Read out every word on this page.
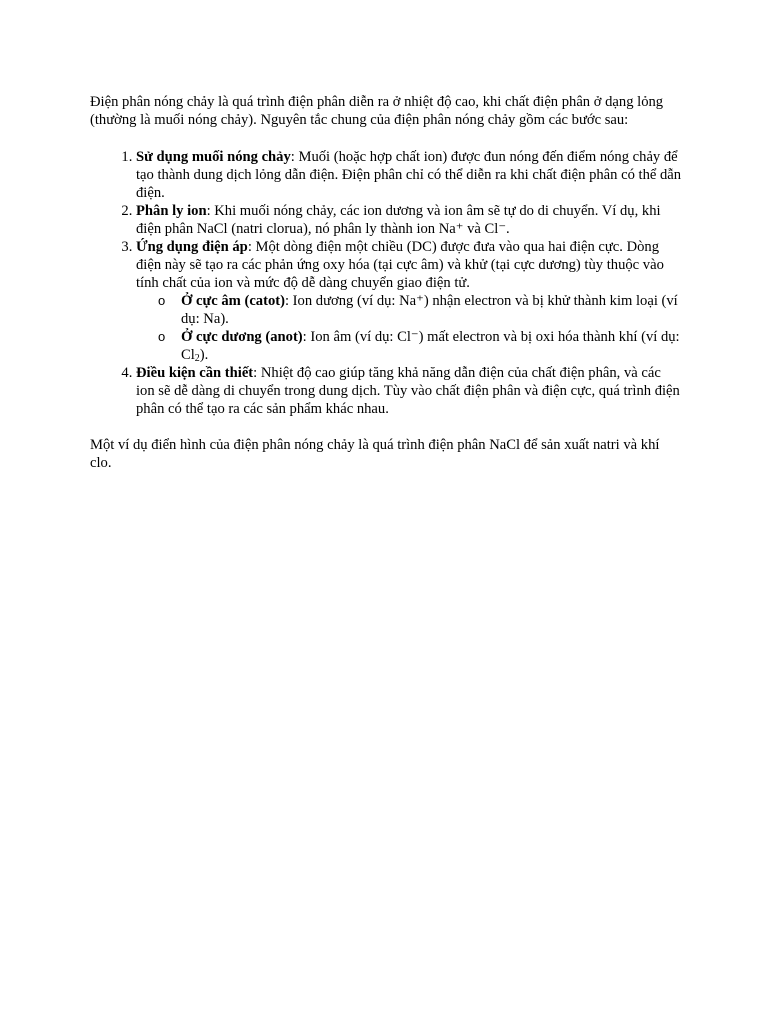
Điện phân nóng chảy là quá trình điện phân diễn ra ở nhiệt độ cao, khi chất điện phân ở dạng lỏng (thường là muối nóng chảy). Nguyên tắc chung của điện phân nóng chảy gồm các bước sau:

1. Sử dụng muối nóng chảy: Muối (hoặc hợp chất ion) được đun nóng đến điểm nóng chảy để tạo thành dung dịch lỏng dẫn điện. Điện phân chỉ có thể diễn ra khi chất điện phân có thể dẫn điện.
2. Phân ly ion: Khi muối nóng chảy, các ion dương và ion âm sẽ tự do di chuyển. Ví dụ, khi điện phân NaCl (natri clorua), nó phân ly thành ion Na⁺ và Cl⁻.
3. Ứng dụng điện áp: Một dòng điện một chiều (DC) được đưa vào qua hai điện cực. Dòng điện này sẽ tạo ra các phản ứng oxy hóa (tại cực âm) và khử (tại cực dương) tùy thuộc vào tính chất của ion và mức độ dễ dàng chuyển giao điện tử.
o Ở cực âm (catot): Ion dương (ví dụ: Na⁺) nhận electron và bị khử thành kim loại (ví dụ: Na).
o Ở cực dương (anot): Ion âm (ví dụ: Cl⁻) mất electron và bị oxi hóa thành khí (ví dụ: Cl2).
4. Điều kiện cần thiết: Nhiệt độ cao giúp tăng khả năng dẫn điện của chất điện phân, và các ion sẽ dễ dàng di chuyển trong dung dịch. Tùy vào chất điện phân và điện cực, quá trình điện phân có thể tạo ra các sản phẩm khác nhau.

Một ví dụ điển hình của điện phân nóng chảy là quá trình điện phân NaCl để sản xuất natri và khí clo.
